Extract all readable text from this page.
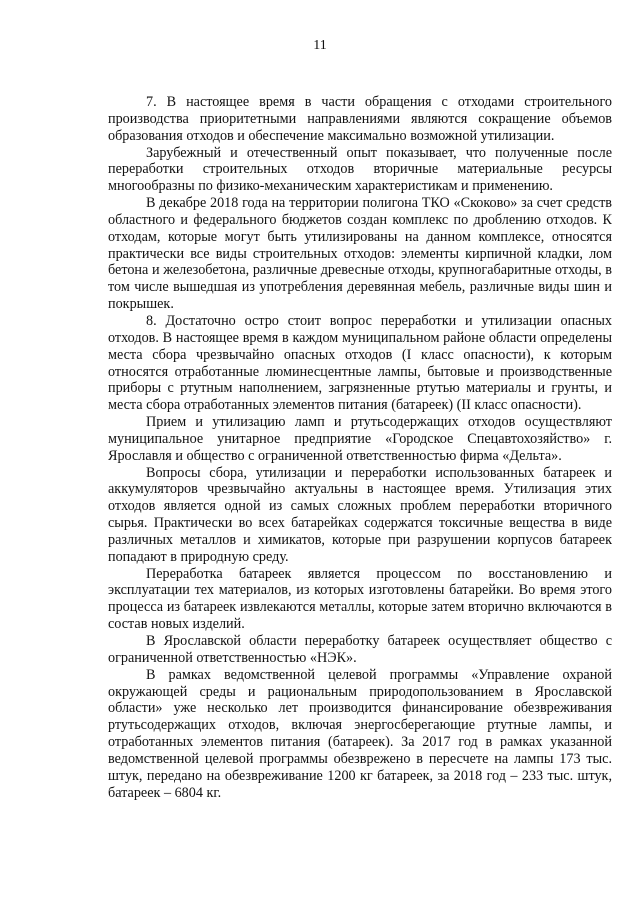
11

7. В настоящее время в части обращения с отходами строительного производства приоритетными направлениями являются сокращение объемов образования отходов и обеспечение максимально возможной утилизации.

Зарубежный и отечественный опыт показывает, что полученные после переработки строительных отходов вторичные материальные ресурсы многообразны по физико-механическим характеристикам и применению.

В декабре 2018 года на территории полигона ТКО «Скоково» за счет средств областного и федерального бюджетов создан комплекс по дроблению отходов. К отходам, которые могут быть утилизированы на данном комплексе, относятся практически все виды строительных отходов: элементы кирпичной кладки, лом бетона и железобетона, различные древесные отходы, крупногабаритные отходы, в том числе вышедшая из употребления деревянная мебель, различные виды шин и покрышек.

8. Достаточно остро стоит вопрос переработки и утилизации опасных отходов. В настоящее время в каждом муниципальном районе области определены места сбора чрезвычайно опасных отходов (I класс опасности), к которым относятся отработанные люминесцентные лампы, бытовые и производственные приборы с ртутным наполнением, загрязненные ртутью материалы и грунты, и места сбора отработанных элементов питания (батареек) (II класс опасности).

Прием и утилизацию ламп и ртутьсодержащих отходов осуществляют муниципальное унитарное предприятие «Городское Спецавтохозяйство» г. Ярославля и общество с ограниченной ответственностью фирма «Дельта».

Вопросы сбора, утилизации и переработки использованных батареек и аккумуляторов чрезвычайно актуальны в настоящее время. Утилизация этих отходов является одной из самых сложных проблем переработки вторичного сырья. Практически во всех батарейках содержатся токсичные вещества в виде различных металлов и химикатов, которые при разрушении корпусов батареек попадают в природную среду.

Переработка батареек является процессом по восстановлению и эксплуатации тех материалов, из которых изготовлены батарейки. Во время этого процесса из батареек извлекаются металлы, которые затем вторично включаются в состав новых изделий.

В Ярославской области переработку батареек осуществляет общество с ограниченной ответственностью «НЭК».

В рамках ведомственной целевой программы «Управление охраной окружающей среды и рациональным природопользованием в Ярославской области» уже несколько лет производится финансирование обезвреживания ртутьсодержащих отходов, включая энергосберегающие ртутные лампы, и отработанных элементов питания (батареек). За 2017 год в рамках указанной ведомственной целевой программы обезврежено в пересчете на лампы 173 тыс. штук, передано на обезвреживание 1200 кг батареек, за 2018 год – 233 тыс. штук, батареек – 6804 кг.
